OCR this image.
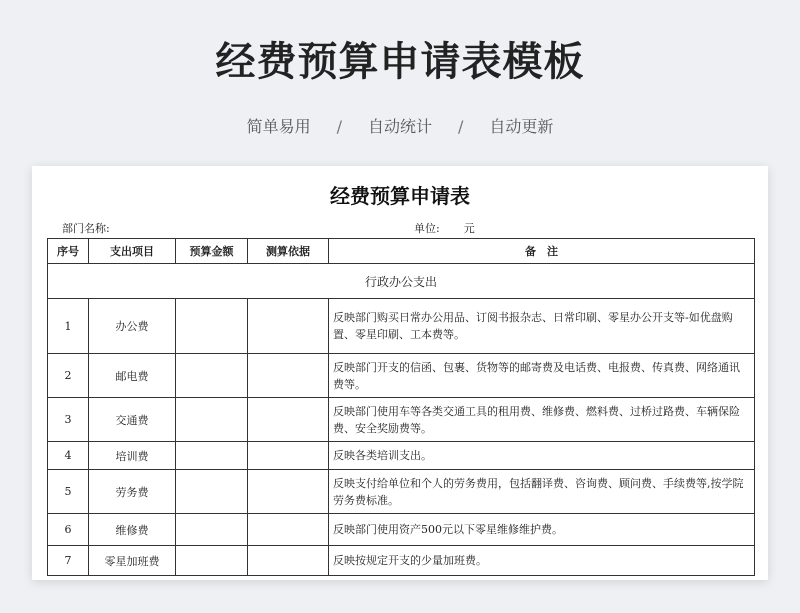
经费预算申请表模板
简单易用 / 自动统计 / 自动更新
经费预算申请表
部门名称:	单位: 元
序号	支出项目	预算金额	测算依据	备　注
行政办公支出				
1	办公费			反映部门购买日常办公用品、订阅书报杂志、日常印刷、零星办公开支等-如优盘购置、零星印刷、工本费等。
2	邮电费			反映部门开支的信函、包裹、货物等的邮寄费及电话费、电报费、传真费、网络通讯费等。
3	交通费			反映部门使用车等各类交通工具的租用费、维修费、燃料费、过桥过路费、车辆保险费、安全奖励费等。
4	培训费			反映各类培训支出。
5	劳务费			反映支付给单位和个人的劳务费用，包括翻译费、咨询费、顾问费、手续费等,按学院劳务费标准。
6	维修费			反映部门使用资产500元以下零星维修维护费。
7	零星加班费			反映按规定开支的少量加班费。
